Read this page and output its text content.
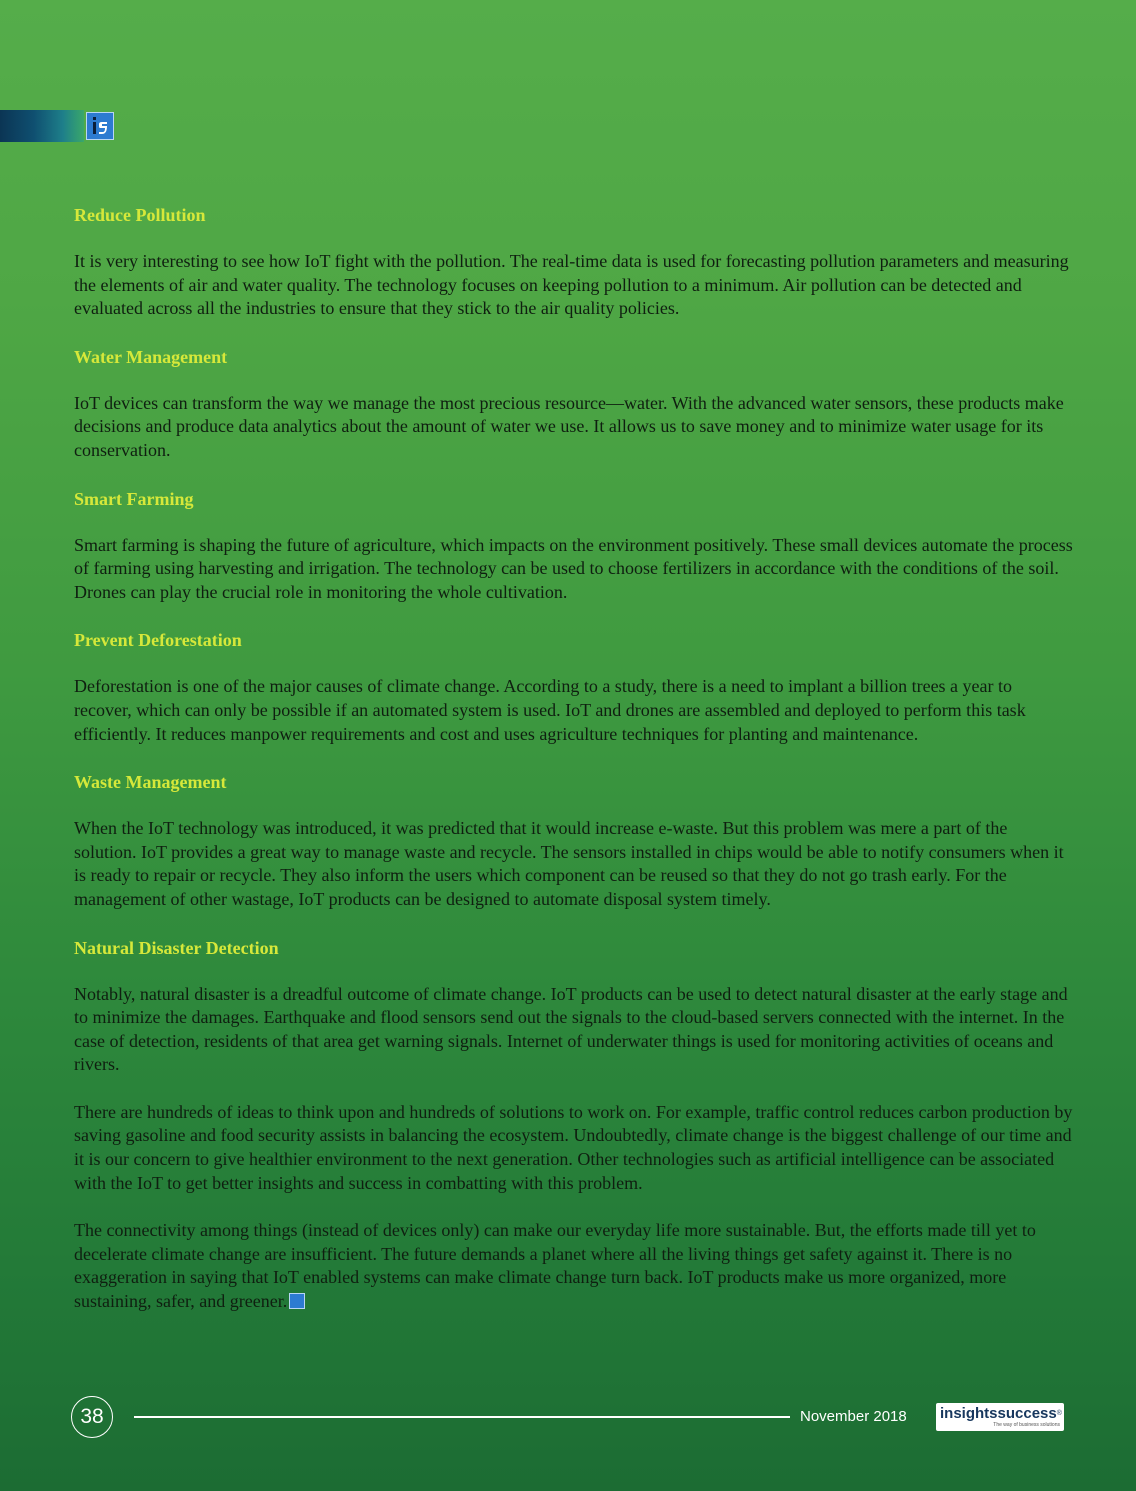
Reduce Pollution
It is very interesting to see how IoT fight with the pollution. The real-time data is used for forecasting pollution parameters and measuring the elements of air and water quality. The technology focuses on keeping pollution to a minimum. Air pollution can be detected and evaluated across all the industries to ensure that they stick to the air quality policies.
Water Management
IoT devices can transform the way we manage the most precious resource—water. With the advanced water sensors, these products make decisions and produce data analytics about the amount of water we use. It allows us to save money and to minimize water usage for its conservation.
Smart Farming
Smart farming is shaping the future of agriculture, which impacts on the environment positively. These small devices automate the process of farming using harvesting and irrigation. The technology can be used to choose fertilizers in accordance with the conditions of the soil. Drones can play the crucial role in monitoring the whole cultivation.
Prevent Deforestation
Deforestation is one of the major causes of climate change. According to a study, there is a need to implant a billion trees a year to recover, which can only be possible if an automated system is used. IoT and drones are assembled and deployed to perform this task efficiently. It reduces manpower requirements and cost and uses agriculture techniques for planting and maintenance.
Waste Management
When the IoT technology was introduced, it was predicted that it would increase e-waste. But this problem was mere a part of the solution. IoT provides a great way to manage waste and recycle. The sensors installed in chips would be able to notify consumers when it is ready to repair or recycle. They also inform the users which component can be reused so that they do not go trash early. For the management of other wastage, IoT products can be designed to automate disposal system timely.
Natural Disaster Detection
Notably, natural disaster is a dreadful outcome of climate change. IoT products can be used to detect natural disaster at the early stage and to minimize the damages. Earthquake and flood sensors send out the signals to the cloud-based servers connected with the internet. In the case of detection, residents of that area get warning signals. Internet of underwater things is used for monitoring activities of oceans and rivers.
There are hundreds of ideas to think upon and hundreds of solutions to work on. For example, traffic control reduces carbon production by saving gasoline and food security assists in balancing the ecosystem. Undoubtedly, climate change is the biggest challenge of our time and it is our concern to give healthier environment to the next generation. Other technologies such as artificial intelligence can be associated with the IoT to get better insights and success in combatting with this problem.
The connectivity among things (instead of devices only) can make our everyday life more sustainable. But, the efforts made till yet to decelerate climate change are insufficient. The future demands a planet where all the living things get safety against it. There is no exaggeration in saying that IoT enabled systems can make climate change turn back. IoT products make us more organized, more sustaining, safer, and greener.
38	November 2018 insightssuccess®
The way of business solutions
